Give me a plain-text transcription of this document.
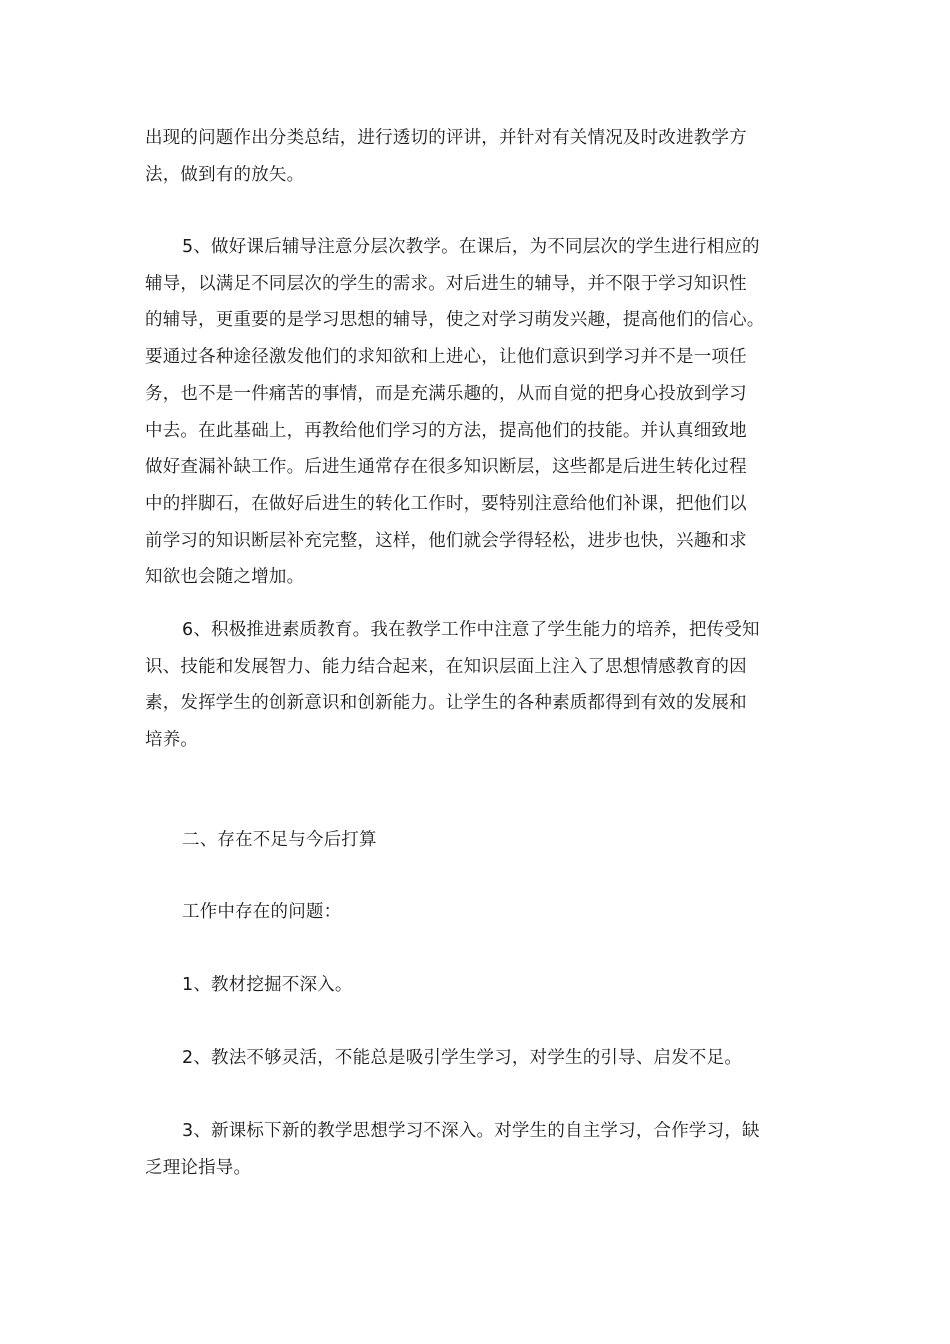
出现的问题作出分类总结，进行透切的评讲，并针对有关情况及时改进教学方
法，做到有的放矢。

5、做好课后辅导注意分层次教学。在课后，为不同层次的学生进行相应的
辅导，以满足不同层次的学生的需求。对后进生的辅导，并不限于学习知识性
的辅导，更重要的是学习思想的辅导，使之对学习萌发兴趣，提高他们的信心。
要通过各种途径激发他们的求知欲和上进心，让他们意识到学习并不是一项任
务，也不是一件痛苦的事情，而是充满乐趣的，从而自觉的把身心投放到学习
中去。在此基础上，再教给他们学习的方法，提高他们的技能。并认真细致地
做好查漏补缺工作。后进生通常存在很多知识断层，这些都是后进生转化过程
中的拌脚石，在做好后进生的转化工作时，要特别注意给他们补课，把他们以
前学习的知识断层补充完整，这样，他们就会学得轻松，进步也快，兴趣和求
知欲也会随之增加。

6、积极推进素质教育。我在教学工作中注意了学生能力的培养，把传受知
识、技能和发展智力、能力结合起来，在知识层面上注入了思想情感教育的因
素，发挥学生的创新意识和创新能力。让学生的各种素质都得到有效的发展和
培养。

二、存在不足与今后打算

工作中存在的问题：

1、教材挖掘不深入。

2、教法不够灵活，不能总是吸引学生学习，对学生的引导、启发不足。

3、新课标下新的教学思想学习不深入。对学生的自主学习，合作学习，缺
乏理论指导。
